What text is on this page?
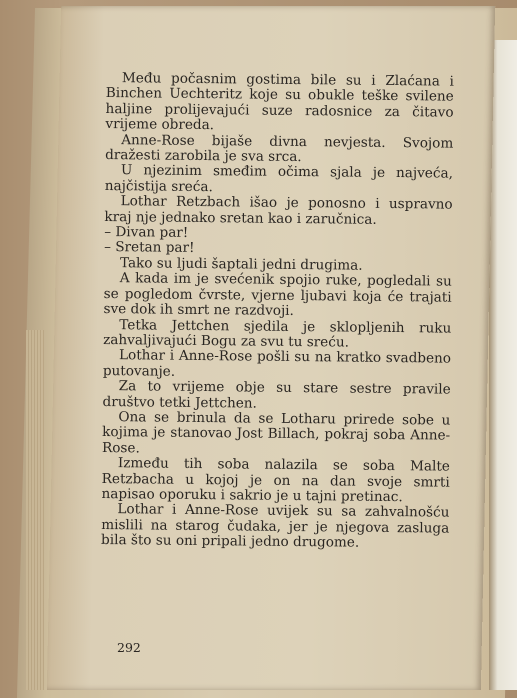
Među počasnim gostima bile su i Zlaćana i Binchen Uechteritz koje su obukle teške svilene haljine prolijevajući suze radosnice za čitavo vrijeme obreda.

Anne-Rose bijaše divna nevjesta. Svojom dražesti zarobila je sva srca.

U njezinim smeđim očima sjala je najveća, najčistija sreća.

Lothar Retzbach išao je ponosno i uspravno kraj nje jednako sretan kao i zaručnica.

– Divan par!

– Sretan par!

Tako su ljudi šaptali jedni drugima.

A kada im je svećenik spojio ruke, pogledali su se pogledom čvrste, vjerne ljubavi koja će trajati sve dok ih smrt ne razdvoji.

Tetka Jettchen sjedila je sklopljenih ruku zahvaljivajući Bogu za svu tu sreću.

Lothar i Anne-Rose pošli su na kratko svadbeno putovanje.

Za to vrijeme obje su stare sestre pravile društvo tetki Jettchen.

Ona se brinula da se Lotharu prirede sobe u kojima je stanovao Jost Billach, pokraj soba Anne-Rose.

Između tih soba nalazila se soba Malte Retzbacha u kojoj je on na dan svoje smrti napisao oporuku i sakrio je u tajni pretinac.

Lothar i Anne-Rose uvijek su sa zahvalnošću mislili na starog čudaka, jer je njegova zasluga bila što su oni pripali jedno drugome.

292
